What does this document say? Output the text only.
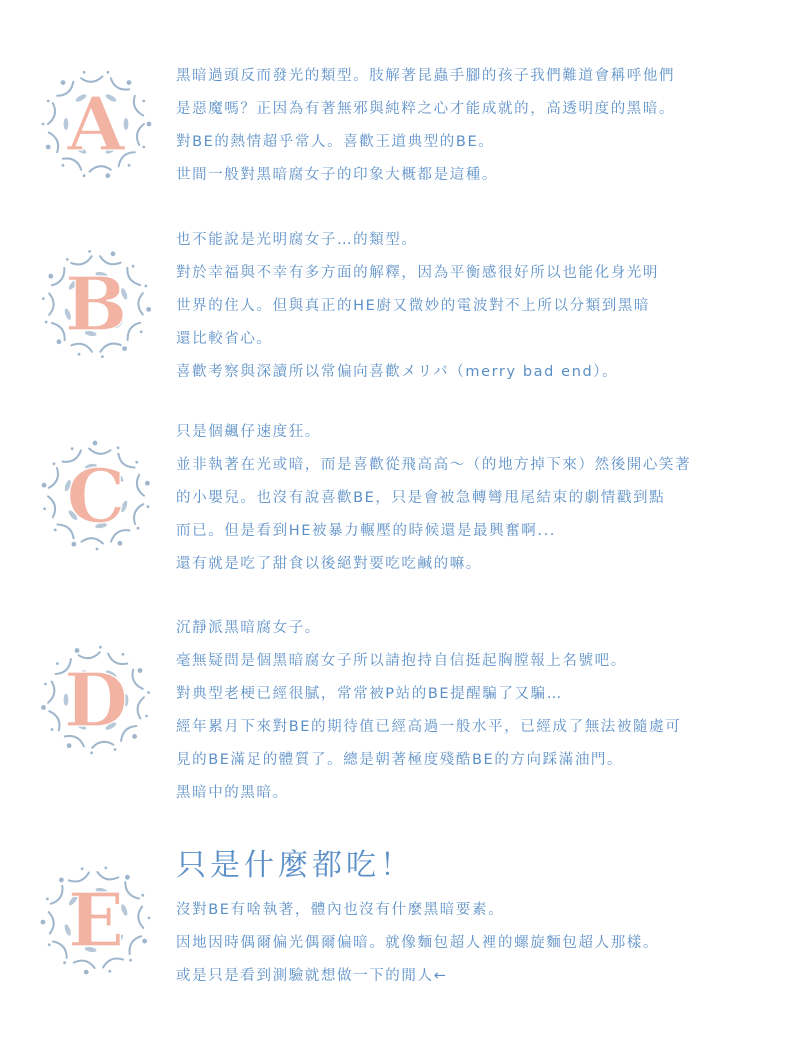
A
黑暗過頭反而發光的類型。肢解著昆蟲手腳的孩子我們難道會稱呼他們
是惡魔嗎？正因為有著無邪與純粹之心才能成就的，高透明度的黑暗。
對BE的熱情超乎常人。喜歡王道典型的BE。
世間一般對黑暗腐女子的印象大概都是這種。
B
也不能說是光明腐女子…的類型。
對於幸福與不幸有多方面的解釋，因為平衡感很好所以也能化身光明
世界的住人。但與真正的HE廚又微妙的電波對不上所以分類到黑暗
還比較省心。
喜歡考察與深讀所以常偏向喜歡メリバ（merry bad end）。
C
只是個飆仔速度狂。
並非執著在光或暗，而是喜歡從飛高高～（的地方掉下來）然後開心笑著
的小嬰兒。也沒有說喜歡BE，只是會被急轉彎甩尾結束的劇情戳到點
而已。但是看到HE被暴力輾壓的時候還是最興奮啊...
還有就是吃了甜食以後絕對要吃吃鹹的嘛。
D
沉靜派黑暗腐女子。
毫無疑問是個黑暗腐女子所以請抱持自信挺起胸膛報上名號吧。
對典型老梗已經很膩，常常被P站的BE提醒騙了又騙…
經年累月下來對BE的期待值已經高過一般水平，已經成了無法被隨處可
見的BE滿足的體質了。總是朝著極度殘酷BE的方向踩滿油門。
黑暗中的黑暗。
E
只是什麼都吃！
沒對BE有啥執著，體內也沒有什麼黑暗要素。
因地因時偶爾偏光偶爾偏暗。就像麵包超人裡的螺旋麵包超人那樣。
或是只是看到測驗就想做一下的閒人←
